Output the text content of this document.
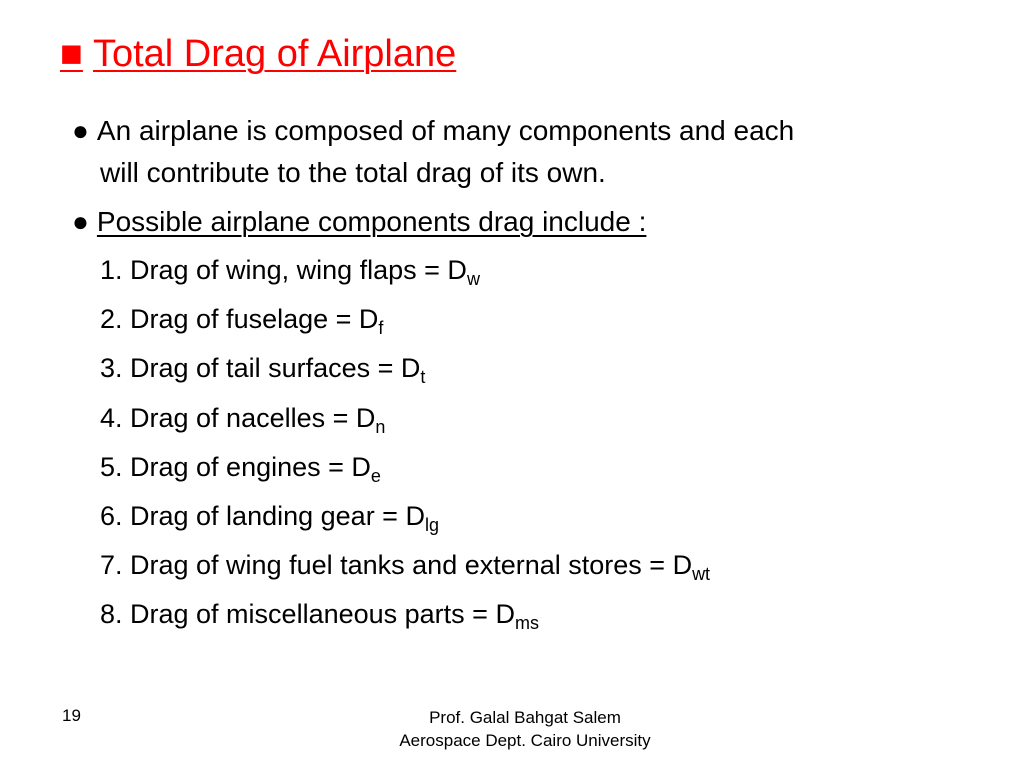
■ Total Drag of Airplane
● An airplane is composed of many components and each
will contribute to the total drag of its own.
● Possible airplane components drag include :
1. Drag of wing, wing flaps = $D_w$
2. Drag of fuselage = $D_f$
3. Drag of tail surfaces = $D_t$
4. Drag of nacelles = $D_n$
5. Drag of engines = $D_e$
6. Drag of landing gear = $D_{lg}$
7. Drag of wing fuel tanks and external stores = $D_{wt}$
8. Drag of miscellaneous parts = $D_{ms}$
19	Prof. Galal Bahgat Salem
Aerospace Dept. Cairo University
